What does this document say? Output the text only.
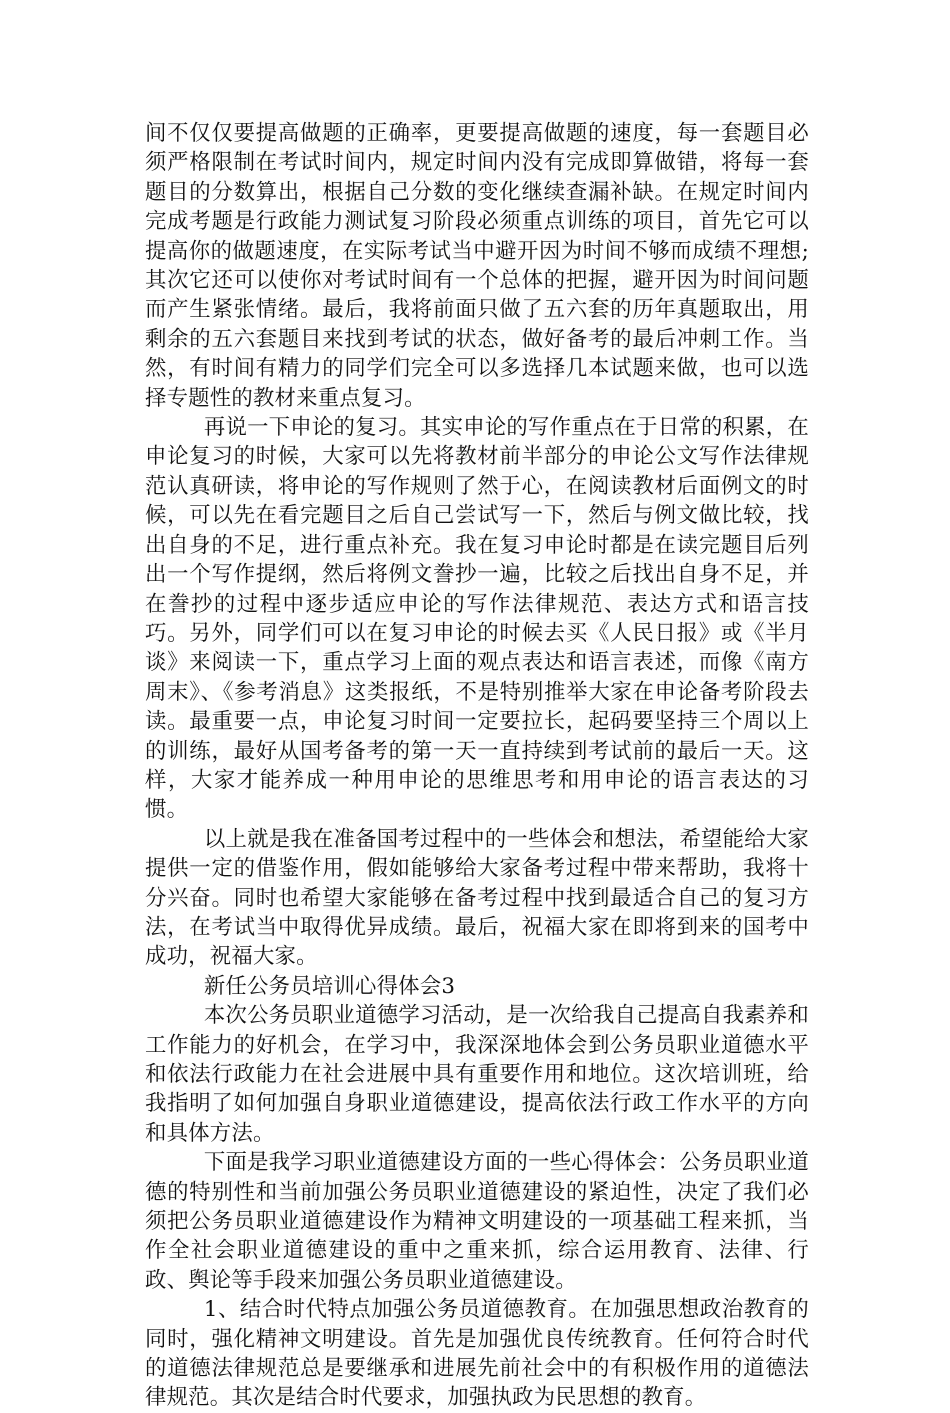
间不仅仅要提高做题的正确率，更要提高做题的速度，每一套题目必须严格限制在考试时间内，规定时间内没有完成即算做错，将每一套题目的分数算出，根据自己分数的变化继续查漏补缺。在规定时间内完成考题是行政能力测试复习阶段必须重点训练的项目，首先它可以提高你的做题速度，在实际考试当中避开因为时间不够而成绩不理想;其次它还可以使你对考试时间有一个总体的把握，避开因为时间问题而产生紧张情绪。最后，我将前面只做了五六套的历年真题取出，用剩余的五六套题目来找到考试的状态，做好备考的最后冲刺工作。当然，有时间有精力的同学们完全可以多选择几本试题来做，也可以选择专题性的教材来重点复习。

再说一下申论的复习。其实申论的写作重点在于日常的积累，在申论复习的时候，大家可以先将教材前半部分的申论公文写作法律规范认真研读，将申论的写作规则了然于心，在阅读教材后面例文的时候，可以先在看完题目之后自己尝试写一下，然后与例文做比较，找出自身的不足，进行重点补充。我在复习申论时都是在读完题目后列出一个写作提纲，然后将例文誊抄一遍，比较之后找出自身不足，并在誊抄的过程中逐步适应申论的写作法律规范、表达方式和语言技巧。另外，同学们可以在复习申论的时候去买《人民日报》或《半月谈》来阅读一下，重点学习上面的观点表达和语言表述，而像《南方周末》、《参考消息》这类报纸，不是特别推举大家在申论备考阶段去读。最重要一点，申论复习时间一定要拉长，起码要坚持三个周以上的训练，最好从国考备考的第一天一直持续到考试前的最后一天。这样，大家才能养成一种用申论的思维思考和用申论的语言表达的习惯。

以上就是我在准备国考过程中的一些体会和想法，希望能给大家提供一定的借鉴作用，假如能够给大家备考过程中带来帮助，我将十分兴奋。同时也希望大家能够在备考过程中找到最适合自己的复习方法，在考试当中取得优异成绩。最后，祝福大家在即将到来的国考中成功，祝福大家。

新任公务员培训心得体会3

本次公务员职业道德学习活动，是一次给我自己提高自我素养和工作能力的好机会，在学习中，我深深地体会到公务员职业道德水平和依法行政能力在社会进展中具有重要作用和地位。这次培训班，给我指明了如何加强自身职业道德建设，提高依法行政工作水平的方向和具体方法。

下面是我学习职业道德建设方面的一些心得体会：公务员职业道德的特别性和当前加强公务员职业道德建设的紧迫性，决定了我们必须把公务员职业道德建设作为精神文明建设的一项基础工程来抓，当作全社会职业道德建设的重中之重来抓，综合运用教育、法律、行政、舆论等手段来加强公务员职业道德建设。

1、结合时代特点加强公务员道德教育。在加强思想政治教育的同时，强化精神文明建设。首先是加强优良传统教育。任何符合时代的道德法律规范总是要继承和进展先前社会中的有积极作用的道德法律规范。其次是结合时代要求，加强执政为民思想的教育。
